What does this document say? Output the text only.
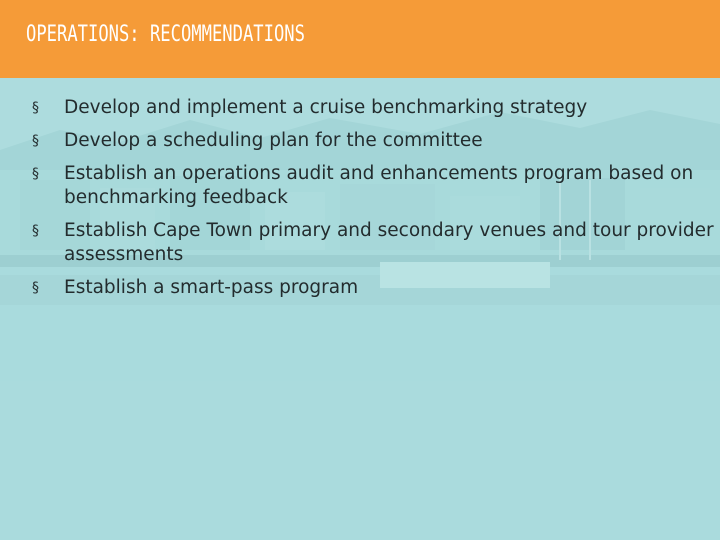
OPERATIONS: RECOMMENDATIONS
§ Develop and implement a cruise benchmarking strategy
§ Develop a scheduling plan for the committee
§ Establish an operations audit and enhancements program based on benchmarking feedback
§ Establish Cape Town primary and secondary venues and tour provider assessments
§ Establish a smart-pass program
